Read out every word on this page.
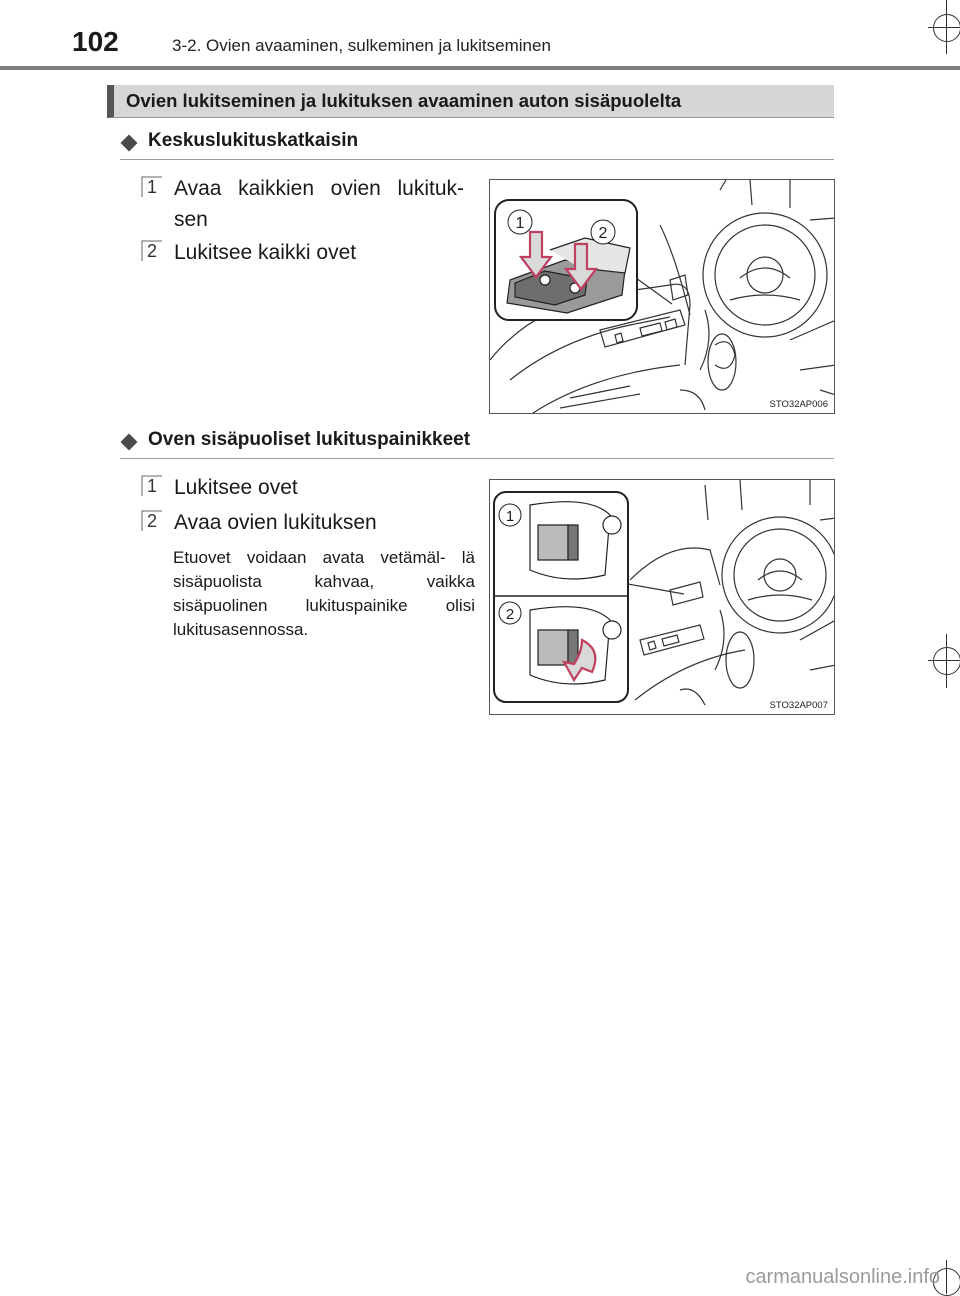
102	3-2. Ovien avaaminen, sulkeminen ja lukitseminen
Ovien lukitseminen ja lukituksen avaaminen auton sisäpuolelta
Keskuslukituskatkaisin
1 Avaa kaikkien ovien lukituk-
sen
2 Lukitsee kaikki ovet
1
2
STO32AP006
Oven sisäpuoliset lukituspainikkeet
1 Lukitsee ovet
2 Avaa ovien lukituksen
Etuovet voidaan avata vetämäl- lä sisäpuolista kahvaa, vaikka sisäpuolinen lukituspainike olisi lukitusasennossa.
1
2
STO32AP007
carmanualsonline.info
